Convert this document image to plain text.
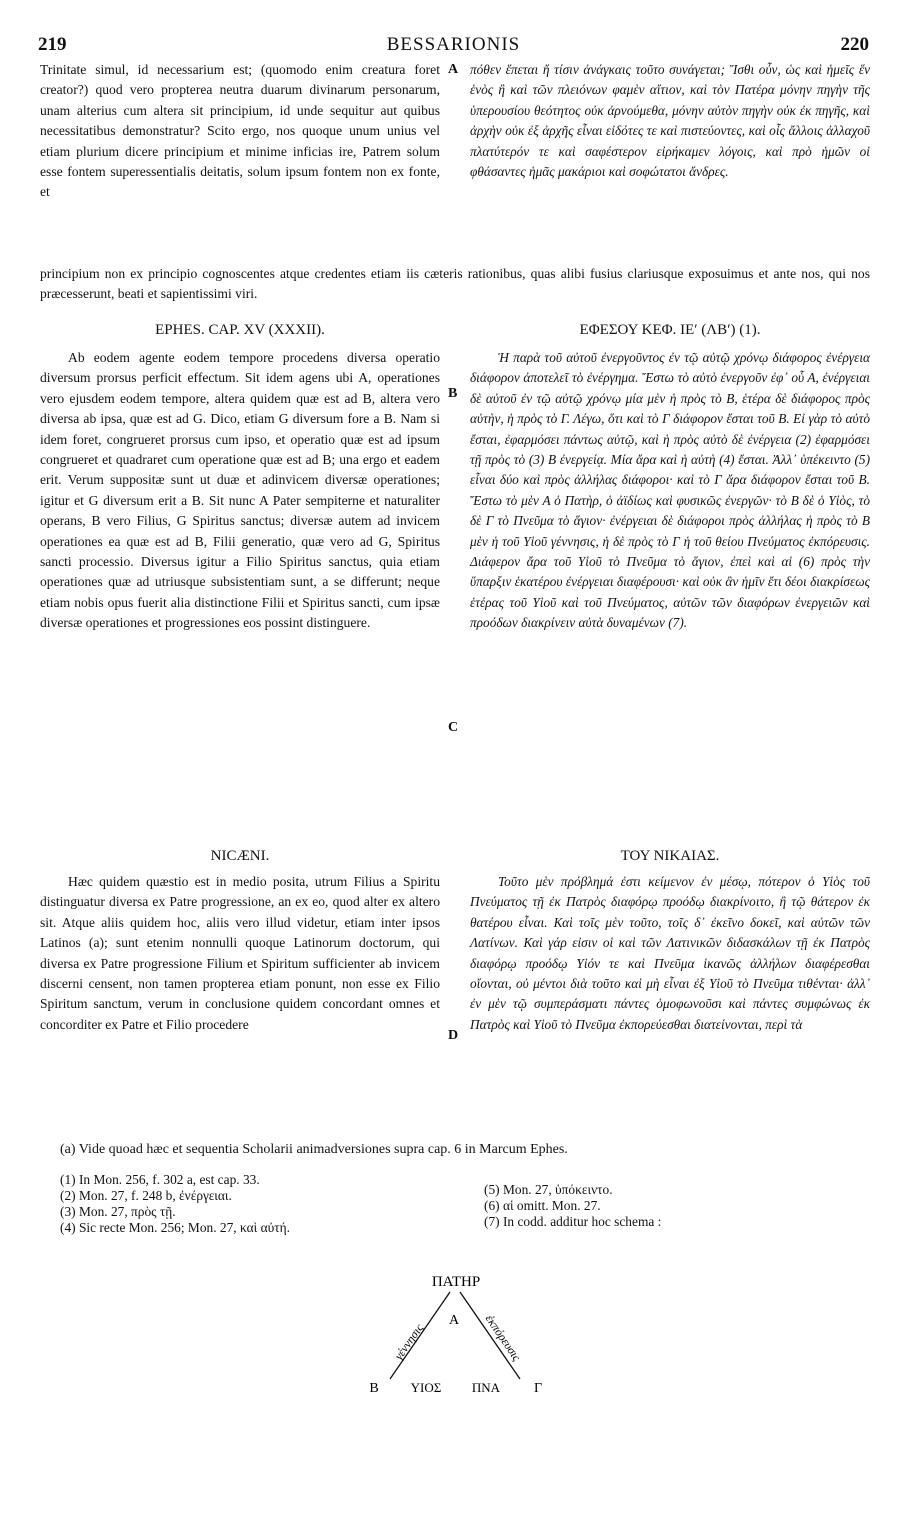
219	BESSARIONIS	220

Trinitate simul, id necessarium est; (quomodo enim creatura foret creator?) quod vero propterea neutra duarum divinarum personarum, unam alterius cum altera sit principium, id unde sequitur aut quibus necessitatibus demonstratur? Scito ergo, nos quoque unum unius vel etiam plurium dicere principium et minime inficias ire, Patrem solum esse fontem superessentialis deitatis, solum ipsum fontem non ex fonte, et

πόθεν ἕπεται ἤ τίσιν ἀνάγκαις τοῦτο συνάγεται; Ἴσθι οὖν, ὡς καὶ ἡμεῖς ἕν ἑνὸς ἢ καὶ τῶν πλειόνων φαμὲν αἴτιον, καὶ τὸν Πατέρα μόνην πηγὴν τῆς ὑπερουσίου θεότητος οὐκ ἀρνούμεθα, μόνην αὐτὸν πηγὴν οὐκ ἐκ πηγῆς, καὶ ἀρχὴν οὐκ ἐξ ἀρχῆς εἶναι εἰδότες τε καὶ πιστεύοντες, καὶ οἷς ἄλλοις ἀλλαχοῦ πλατύτερόν τε καὶ σαφέστερον εἰρήκαμεν λόγοις, καὶ πρὸ ἡμῶν οἱ φθάσαντες ἡμᾶς μακάριοι καὶ σοφώτατοι ἄνδρες.

principium non ex principio cognoscentes atque credentes etiam iis cæteris rationibus, quas alibi fusius clariusque exposuimus et ante nos, qui nos præcesserunt, beati et sapientissimi viri.
A
EPHES. CAP. XV (XXXII).	ΕΦΕΣΟΥ ΚΕΦ. ΙΕʹ (ΛΒʹ) (1).

Ab eodem agente eodem tempore procedens diversa operatio diversum prorsus perficit effectum. Sit idem agens ubi A, operationes vero ejusdem eodem tempore, altera quidem quæ est ad B, altera vero diversa ab ipsa, quæ est ad G. Dico, etiam G diversum fore a B. Nam si idem foret, congrueret prorsus cum ipso, et operatio quæ est ad ipsum congrueret et quadraret cum operatione quæ est ad B; una ergo et eadem erit. Verum suppositæ sunt ut duæ et adinvicem diversæ operationes; igitur et G diversum erit a B. Sit nunc A Pater sempiterne et naturaliter operans, B vero Filius, G Spiritus sanctus; diversæ autem ad invicem operationes ea quæ est ad B, Filii generatio, quæ vero ad G, Spiritus sancti processio. Diversus igitur a Filio Spiritus sanctus, quia etiam operationes quæ ad utriusque subsistentiam sunt, a se differunt; neque etiam nobis opus fuerit alia distinctione Filii et Spiritus sancti, cum ipsæ diversæ operationes et progressiones eos possint distinguere.

Ἡ παρὰ τοῦ αὐτοῦ ἐνεργοῦντος ἐν τῷ αὐτῷ χρόνῳ διάφορος ἐνέργεια διάφορον ἀποτελεῖ τὸ ἐνέργημα. Ἔστω τὸ αὐτὸ ἐνεργοῦν ἐφ᾽ οὗ Α, ἐνέργειαι δὲ αὐτοῦ ἐν τῷ αὐτῷ χρόνῳ μία μὲν ἡ πρὸς τὸ Β, ἑτέρα δὲ διάφορος πρὸς αὐτὴν, ἡ πρὸς τὸ Γ. Λέγω, ὅτι καὶ τὸ Γ διάφορον ἔσται τοῦ Β. Εἰ γὰρ τὸ αὐτὸ ἔσται, ἐφαρμόσει πάντως αὐτῷ, καὶ ἡ πρὸς αὐτὸ δὲ ἐνέργεια (2) ἐφαρμόσει τῇ πρὸς τὸ (3) Β ἐνεργείᾳ. Μία ἄρα καὶ ἡ αὐτὴ (4) ἔσται. Ἀλλ᾽ ὑπέκειντο (5) εἶναι δύο καὶ πρὸς ἀλλήλας διάφοροι· καὶ τὸ Γ ἄρα διάφορον ἔσται τοῦ Β. Ἔστω τὸ μὲν Α ὁ Πατὴρ, ὁ ἀϊδίως καὶ φυσικῶς ἐνεργῶν· τὸ Β δὲ ὁ Υἱὸς, τὸ δὲ Γ τὸ Πνεῦμα τὸ ἅγιον· ἐνέργειαι δὲ διάφοροι πρὸς ἀλλήλας ἡ πρὸς τὸ Β μὲν ἡ τοῦ Υἱοῦ γέννησις, ἡ δὲ πρὸς τὸ Γ ἡ τοῦ θείου Πνεύματος ἐκπόρευσις. Διάφερον ἄρα τοῦ Υἱοῦ τὸ Πνεῦμα τὸ ἅγιον, ἐπεὶ καὶ αἱ (6) πρὸς τὴν ὕπαρξιν ἑκατέρου ἐνέργειαι διαφέρουσι· καὶ οὐκ ἂν ἡμῖν ἔτι δέοι διακρίσεως ἑτέρας τοῦ Υἱοῦ καὶ τοῦ Πνεύματος, αὐτῶν τῶν διαφόρων ἐνεργειῶν καὶ προόδων διακρίνειν αὐτὰ δυναμένων (7).

B
C
NICÆNI.	ΤΟΥ ΝΙΚΑΙΑΣ.

Hæc quidem quæstio est in medio posita, utrum Filius a Spiritu distinguatur diversa ex Patre progressione, an ex eo, quod alter ex altero sit. Atque aliis quidem hoc, aliis vero illud videtur, etiam inter ipsos Latinos (a); sunt etenim nonnulli quoque Latinorum doctorum, qui diversa ex Patre progressione Filium et Spiritum sufficienter ab invicem discerni censent, non tamen propterea etiam ponunt, non esse ex Filio Spiritum sanctum, verum in conclusione quidem concordant omnes et concorditer ex Patre et Filio procedere

Τοῦτο μὲν πρόβλημά ἐστι κείμενον ἐν μέσῳ, πότερον ὁ Υἱὸς τοῦ Πνεύματος τῇ ἐκ Πατρὸς διαφόρῳ προόδῳ διακρίνοιτο, ἢ τῷ θάτερον ἐκ θατέρου εἶναι. Καὶ τοῖς μὲν τοῦτο, τοῖς δ᾽ ἐκεῖνο δοκεῖ, καὶ αὐτῶν τῶν Λατίνων. Καὶ γάρ εἰσιν οἱ καὶ τῶν Λατινικῶν διδασκάλων τῇ ἐκ Πατρὸς διαφόρῳ προόδῳ Υἱόν τε καὶ Πνεῦμα ἱκανῶς ἀλλήλων διαφέρεσθαι οἴονται, οὐ μέντοι διὰ τοῦτο καὶ μὴ εἶναι ἐξ Υἱοῦ τὸ Πνεῦμα τιθένται· ἀλλ᾽ ἐν μὲν τῷ συμπεράσματι πάντες ὁμοφωνοῦσι καὶ πάντες συμφώνως ἐκ Πατρὸς καὶ Υἱοῦ τὸ Πνεῦμα ἐκπορεύεσθαι διατείνονται, περὶ τὰ

D
(a) Vide quoad hæc et sequentia Scholarii animadversiones supra cap. 6 in Marcum Ephes.
(1) In Mon. 256, f. 302 a, est cap. 33.
(2) Mon. 27, f. 248 b, ἐνέργειαι.
(3) Mon. 27, πρὸς τῇ.
(4) Sic recte Mon. 256; Mon. 27, καὶ αὐτή.
(5) Mon. 27, ὑπόκειντο.
(6) αἱ omitt. Mon. 27.
(7) In codd. additur hoc schema :
ΠΑΤΗΡ
Α
γέννησις	ἐκπόρευσις
Β ΥΙΟΣ ΠΝΑ Γ
